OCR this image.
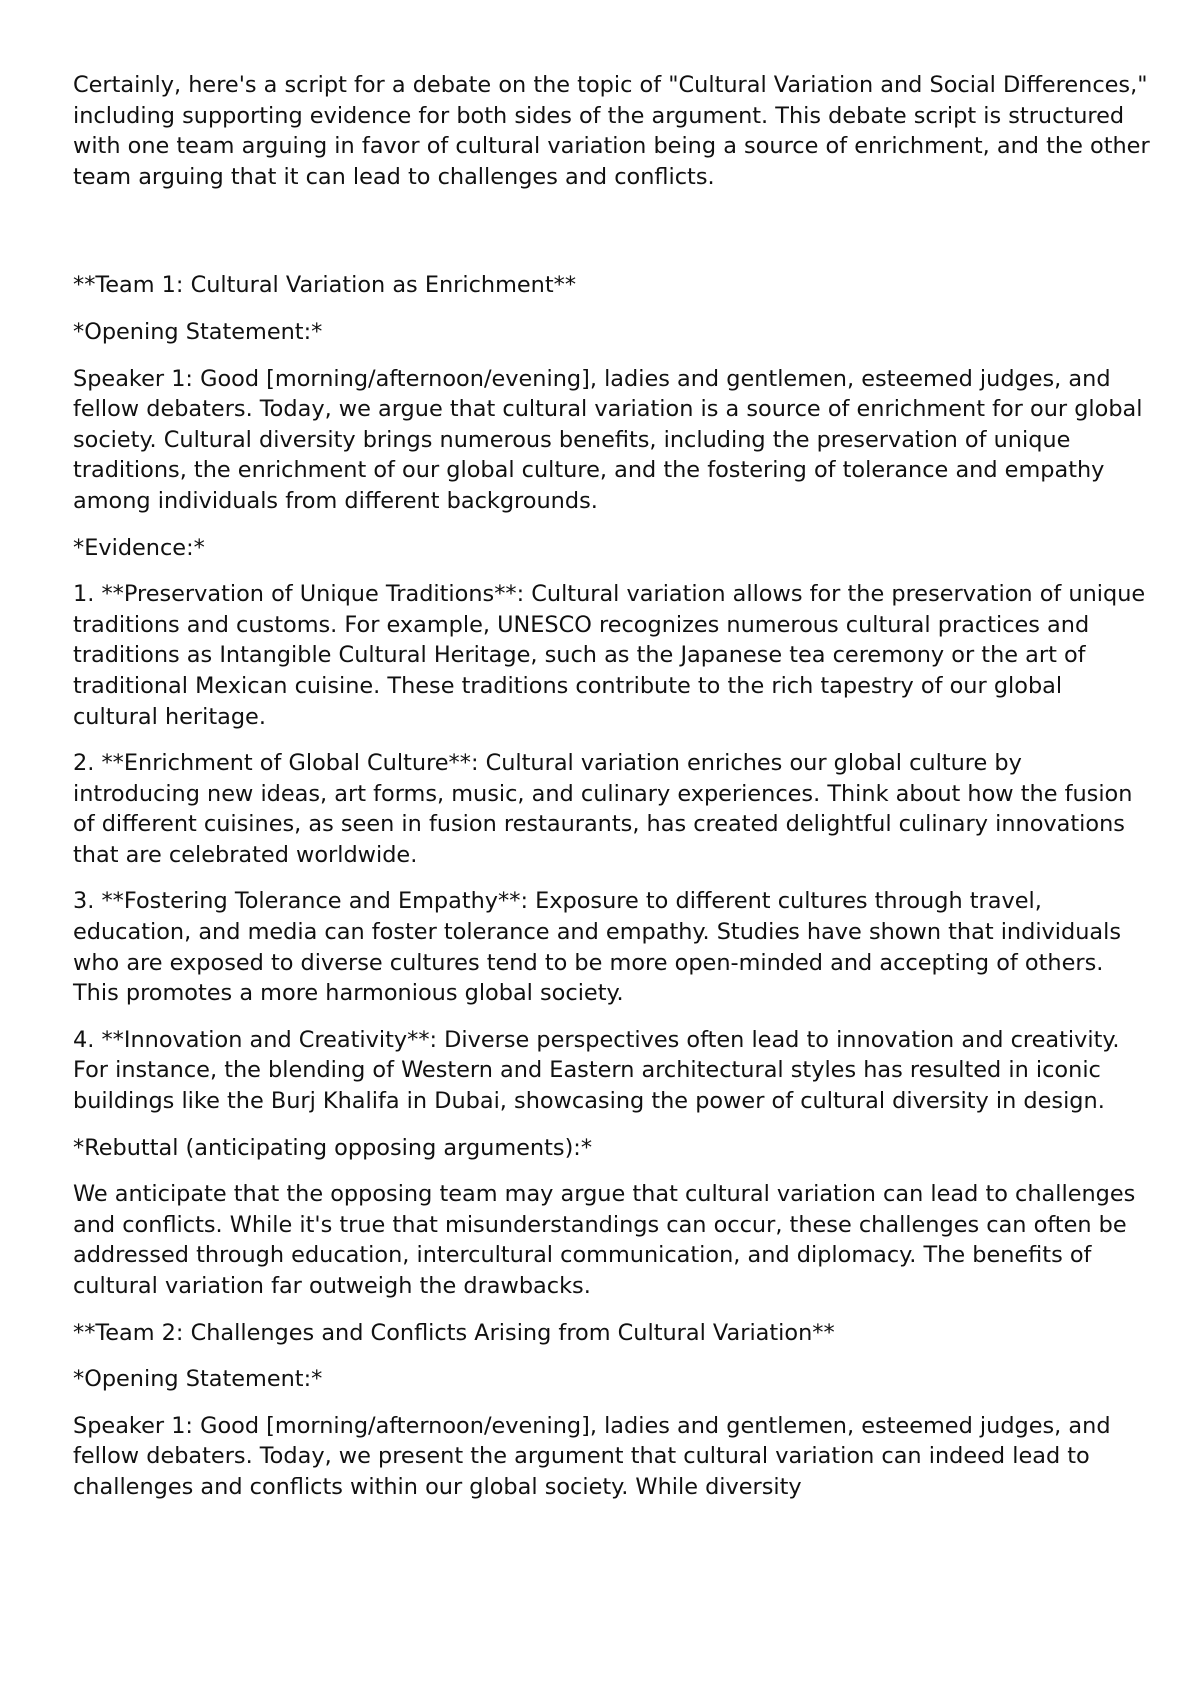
Certainly, here's a script for a debate on the topic of "Cultural Variation and Social Differences," including supporting evidence for both sides of the argument. This debate script is structured with one team arguing in favor of cultural variation being a source of enrichment, and the other team arguing that it can lead to challenges and conflicts.

**Team 1: Cultural Variation as Enrichment**

*Opening Statement:*

Speaker 1: Good [morning/afternoon/evening], ladies and gentlemen, esteemed judges, and fellow debaters. Today, we argue that cultural variation is a source of enrichment for our global society. Cultural diversity brings numerous benefits, including the preservation of unique traditions, the enrichment of our global culture, and the fostering of tolerance and empathy among individuals from different backgrounds.

*Evidence:*

1. **Preservation of Unique Traditions**: Cultural variation allows for the preservation of unique traditions and customs. For example, UNESCO recognizes numerous cultural practices and traditions as Intangible Cultural Heritage, such as the Japanese tea ceremony or the art of traditional Mexican cuisine. These traditions contribute to the rich tapestry of our global cultural heritage.

2. **Enrichment of Global Culture**: Cultural variation enriches our global culture by introducing new ideas, art forms, music, and culinary experiences. Think about how the fusion of different cuisines, as seen in fusion restaurants, has created delightful culinary innovations that are celebrated worldwide.

3. **Fostering Tolerance and Empathy**: Exposure to different cultures through travel, education, and media can foster tolerance and empathy. Studies have shown that individuals who are exposed to diverse cultures tend to be more open-minded and accepting of others. This promotes a more harmonious global society.

4. **Innovation and Creativity**: Diverse perspectives often lead to innovation and creativity. For instance, the blending of Western and Eastern architectural styles has resulted in iconic buildings like the Burj Khalifa in Dubai, showcasing the power of cultural diversity in design.

*Rebuttal (anticipating opposing arguments):*

We anticipate that the opposing team may argue that cultural variation can lead to challenges and conflicts. While it's true that misunderstandings can occur, these challenges can often be addressed through education, intercultural communication, and diplomacy. The benefits of cultural variation far outweigh the drawbacks.

**Team 2: Challenges and Conflicts Arising from Cultural Variation**

*Opening Statement:*

Speaker 1: Good [morning/afternoon/evening], ladies and gentlemen, esteemed judges, and fellow debaters. Today, we present the argument that cultural variation can indeed lead to challenges and conflicts within our global society. While diversity
